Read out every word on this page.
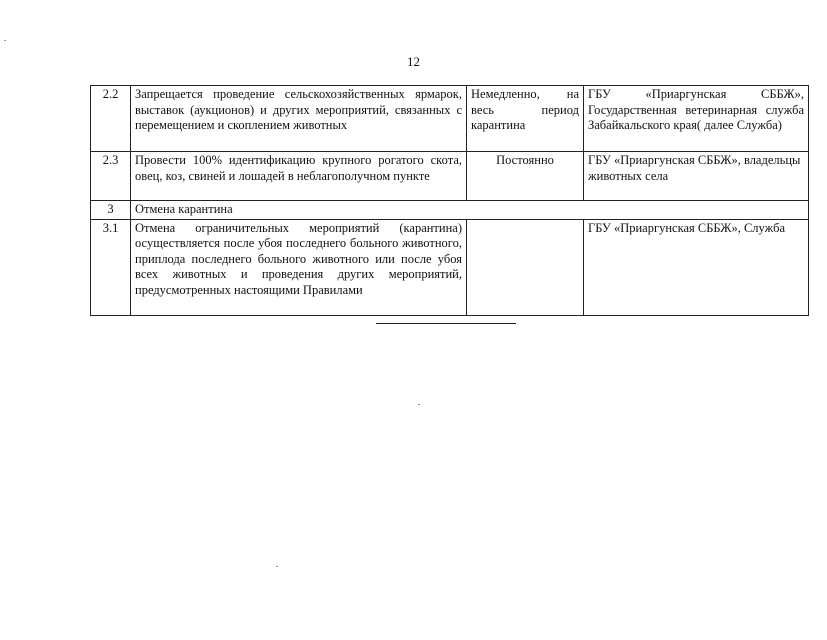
12
2.2	Запрещается проведение сельскохозяйственных ярмарок, выставок (аукционов) и других мероприятий, связанных с перемещением и скоплением животных	Немедленно, на весь период карантина	ГБУ «Приаргунская СББЖ», Государственная ветеринарная служба Забайкальского края( далее Служба)
2.3	Провести 100% идентификацию крупного рогатого скота, овец, коз, свиней и лошадей в неблагополучном пункте	Постоянно	ГБУ «Приаргунская СББЖ», владельцы животных села
3	Отмена карантина		
3.1	Отмена ограничительных мероприятий (карантина) осуществляется после убоя последнего больного животного, приплода последнего больного животного или после убоя всех животных и проведения других мероприятий, предусмотренных настоящими Правилами		ГБУ «Приаргунская СББЖ», Служба
